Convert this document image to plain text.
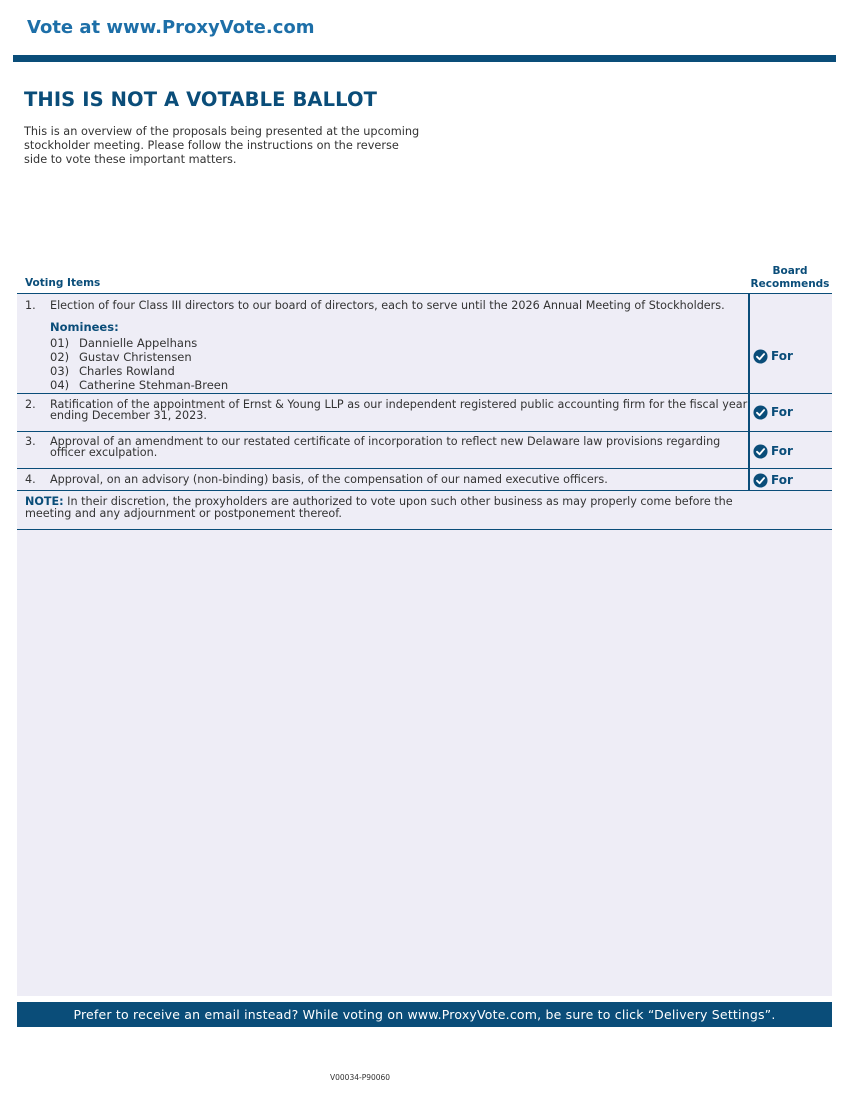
Vote at www.ProxyVote.com
THIS IS NOT A VOTABLE BALLOT
This is an overview of the proposals being presented at the upcoming stockholder meeting. Please follow the instructions on the reverse side to vote these important matters.
Voting Items
Board
Recommends
1. Election of four Class III directors to our board of directors, each to serve until the 2026 Annual Meeting of Stockholders.
Nominees:
01) Dannielle Appelhans
02) Gustav Christensen
03) Charles Rowland
04) Catherine Stehman-Breen
For
2. Ratification of the appointment of Ernst & Young LLP as our independent registered public accounting firm for the fiscal year ending December 31, 2023.	For
3. Approval of an amendment to our restated certificate of incorporation to reflect new Delaware law provisions regarding officer exculpation.	For
4. Approval, on an advisory (non-binding) basis, of the compensation of our named executive officers.	For
NOTE: In their discretion, the proxyholders are authorized to vote upon such other business as may properly come before the meeting and any adjournment or postponement thereof.
Prefer to receive an email instead? While voting on www.ProxyVote.com, be sure to click “Delivery Settings”.
V00034-P90060
